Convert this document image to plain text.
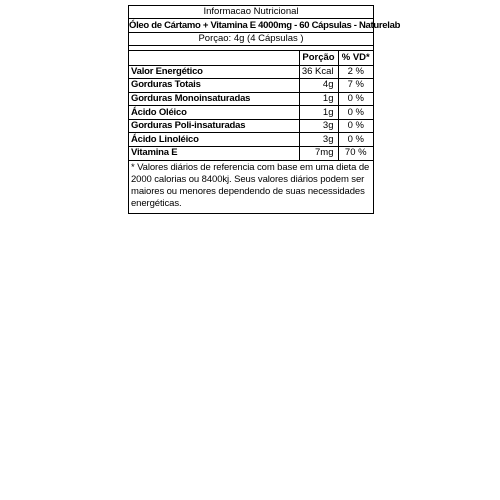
Informacao Nutricional
Óleo de Cártamo + Vitamina E 4000mg - 60 Cápsulas - Naturelab
Porçao: 4g (4 Cápsulas )
	Porção	% VD*
Valor Energético	36 Kcal	2 %
Gorduras Totais	4g	7 %
Gorduras Monoinsaturadas	1g	0 %
Ácido Oléico	1g	0 %
Gorduras Poli-insaturadas	3g	0 %
Ácido Linoléico	3g	0 %
Vitamina E	7mg	70 %
* Valores diários de referencia com base em uma dieta de 2000 calorias ou 8400kj. Seus valores diários podem ser maiores ou menores dependendo de suas necessidades energéticas.
